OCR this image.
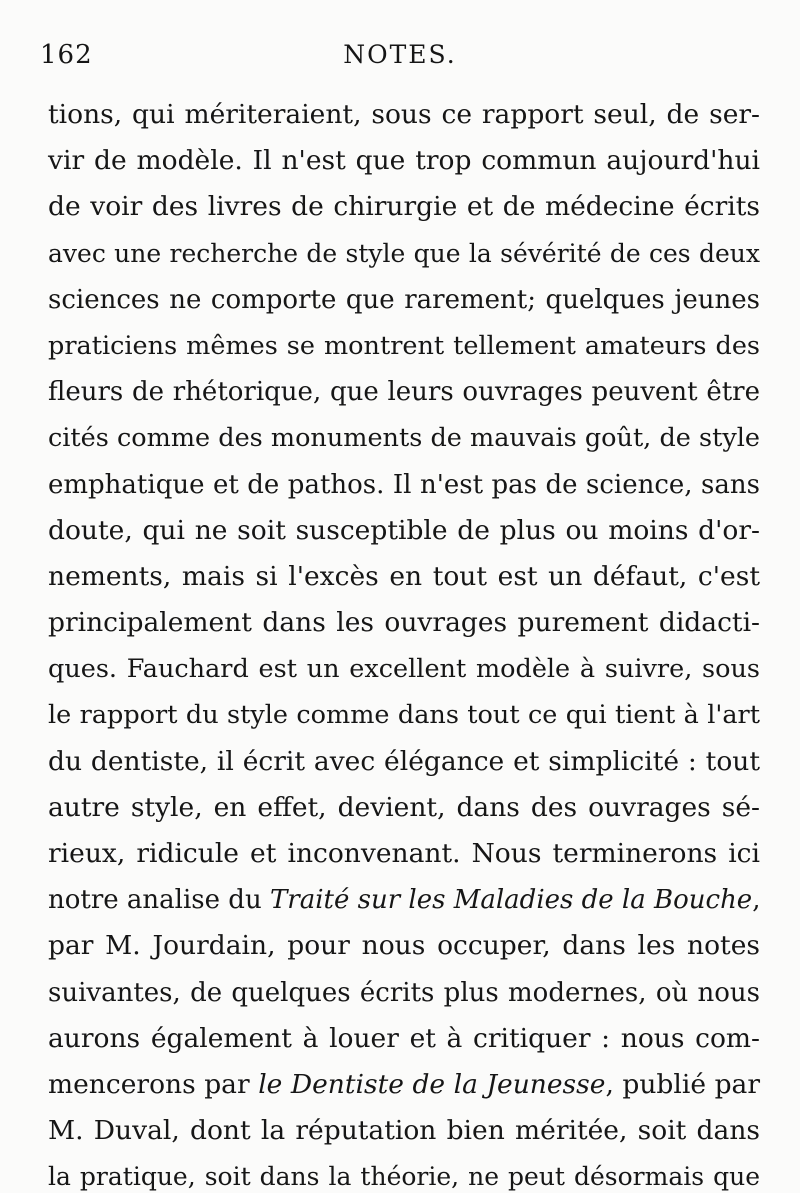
162	NOTES.
tions, qui mériteraient, sous ce rapport seul, de ser-
vir de modèle. Il n'est que trop commun aujourd'hui
de voir des livres de chirurgie et de médecine écrits
avec une recherche de style que la sévérité de ces deux
sciences ne comporte que rarement; quelques jeunes
praticiens mêmes se montrent tellement amateurs des
fleurs de rhétorique, que leurs ouvrages peuvent être
cités comme des monuments de mauvais goût, de style
emphatique et de pathos. Il n'est pas de science, sans
doute, qui ne soit susceptible de plus ou moins d'or-
nements, mais si l'excès en tout est un défaut, c'est
principalement dans les ouvrages purement didacti-
ques. Fauchard est un excellent modèle à suivre, sous
le rapport du style comme dans tout ce qui tient à l'art
du dentiste, il écrit avec élégance et simplicité : tout
autre style, en effet, devient, dans des ouvrages sé-
rieux, ridicule et inconvenant. Nous terminerons ici
notre analise du Traité sur les Maladies de la Bouche,
par M. Jourdain, pour nous occuper, dans les notes
suivantes, de quelques écrits plus modernes, où nous
aurons également à louer et à critiquer : nous com-
mencerons par le Dentiste de la Jeunesse, publié par
M. Duval, dont la réputation bien méritée, soit dans
la pratique, soit dans la théorie, ne peut désormais que
